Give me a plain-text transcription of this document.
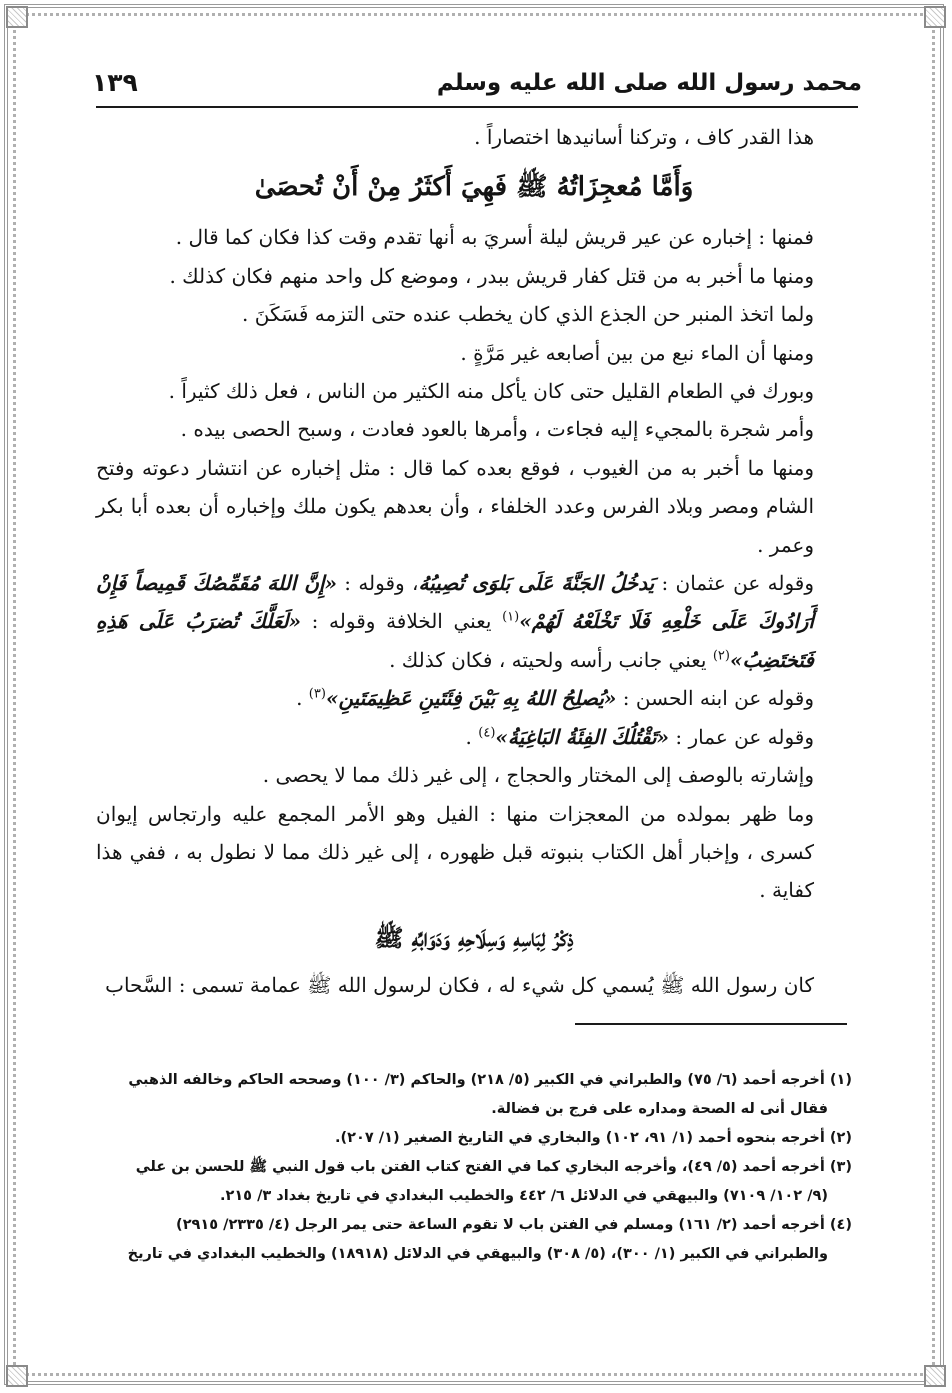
١٣٩	محمد رسول الله صلى الله عليه وسلم

هذا القدر كاف ، وتركنا أسانيدها اختصاراً .

وَأَمَّا مُعجِزَاتُهُ ﷺ فَهِيَ أَكثَرُ مِنْ أَنْ تُحصَىٰ

فمنها : إخباره عن عير قريش ليلة أسريَ به أنها تقدم وقت كذا فكان كما قال .

ومنها ما أخبر به من قتل كفار قريش ببدر ، وموضع كل واحد منهم فكان كذلك .

ولما اتخذ المنبر حن الجذع الذي كان يخطب عنده حتى التزمه فَسَكَنَ .

ومنها أن الماء نبع من بين أصابعه غير مَرَّةٍ .

وبورك في الطعام القليل حتى كان يأكل منه الكثير من الناس ، فعل ذلك كثيراً .

وأمر شجرة بالمجيء إليه فجاءت ، وأمرها بالعود فعادت ، وسبح الحصى بيده .

ومنها ما أخبر به من الغيوب ، فوقع بعده كما قال : مثل إخباره عن انتشار دعوته وفتح الشام ومصر وبلاد الفرس وعدد الخلفاء ، وأن بعدهم يكون ملك وإخباره أن بعده أبا بكر وعمر .

وقوله عن عثمان : يَدخُلُ الجَنَّةَ عَلَى بَلوَى تُصِيبُهُ، وقوله : «إِنَّ اللهَ مُقَمِّصُكَ قَمِيصاً فَإِنْ أَرَادُوكَ عَلَى خَلْعِهِ فَلَا تَخْلَعْهُ لَهُمْ»$^{(١)}$ يعني الخلافة وقوله : «لَعَلَّكَ تُضرَبُ عَلَى هَذِهِ فَتَختَضِبُ»$^{(٢)}$ يعني جانب رأسه ولحيته ، فكان كذلك .

وقوله عن ابنه الحسن : «يُصلِحُ اللهُ بِهِ بَيْنَ فِئَتَينِ عَظِيمَتَينِ»$^{(٣)}$ .

وقوله عن عمار : «تَقْتُلُكَ الفِئَةُ البَاغِيَةُ»$^{(٤)}$ .

وإشارته بالوصف إلى المختار والحجاج ، إلى غير ذلك مما لا يحصى .

وما ظهر بمولده من المعجزات منها : الفيل وهو الأمر المجمع عليه وارتجاس إيوان كسرى ، وإخبار أهل الكتاب بنبوته قبل ظهوره ، إلى غير ذلك مما لا نطول به ، ففي هذا كفاية .

ذِكْرُ لِبَاسِهِ وَسِلَاحِهِ وَدَوَابِّهِ ﷺ

كان رسول الله ﷺ يُسمي كل شيء له ، فكان لرسول الله ﷺ عمامة تسمى : السَّحاب

(١) أخرجه أحمد (٦/ ٧٥) والطبراني في الكبير (٥/ ٢١٨) والحاكم (٣/ ١٠٠) وصححه الحاكم وخالفه الذهبي

فقال أنى له الصحة ومداره على فرج بن فضالة.

(٢) أخرجه بنحوه أحمد (١/ ٩١، ١٠٢) والبخاري في التاريخ الصغير (١/ ٢٠٧).

(٣) أخرجه أحمد (٥/ ٤٩)، وأخرجه البخاري كما في الفتح كتاب الفتن باب قول النبي ﷺ للحسن بن علي

(٩/ ١٠٢/ ٧١٠٩) والبيهقي في الدلائل ٦/ ٤٤٢ والخطيب البغدادي في تاريخ بغداد ٣/ ٢١٥.

(٤) أخرجه أحمد (٢/ ١٦١) ومسلم في الفتن باب لا تقوم الساعة حتى يمر الرجل (٤/ ٢٣٣٥/ ٢٩١٥)

والطبراني في الكبير (١/ ٣٠٠)، (٥/ ٣٠٨) والبيهقي في الدلائل (١٨٩١٨) والخطيب البغدادي في تاريخ
